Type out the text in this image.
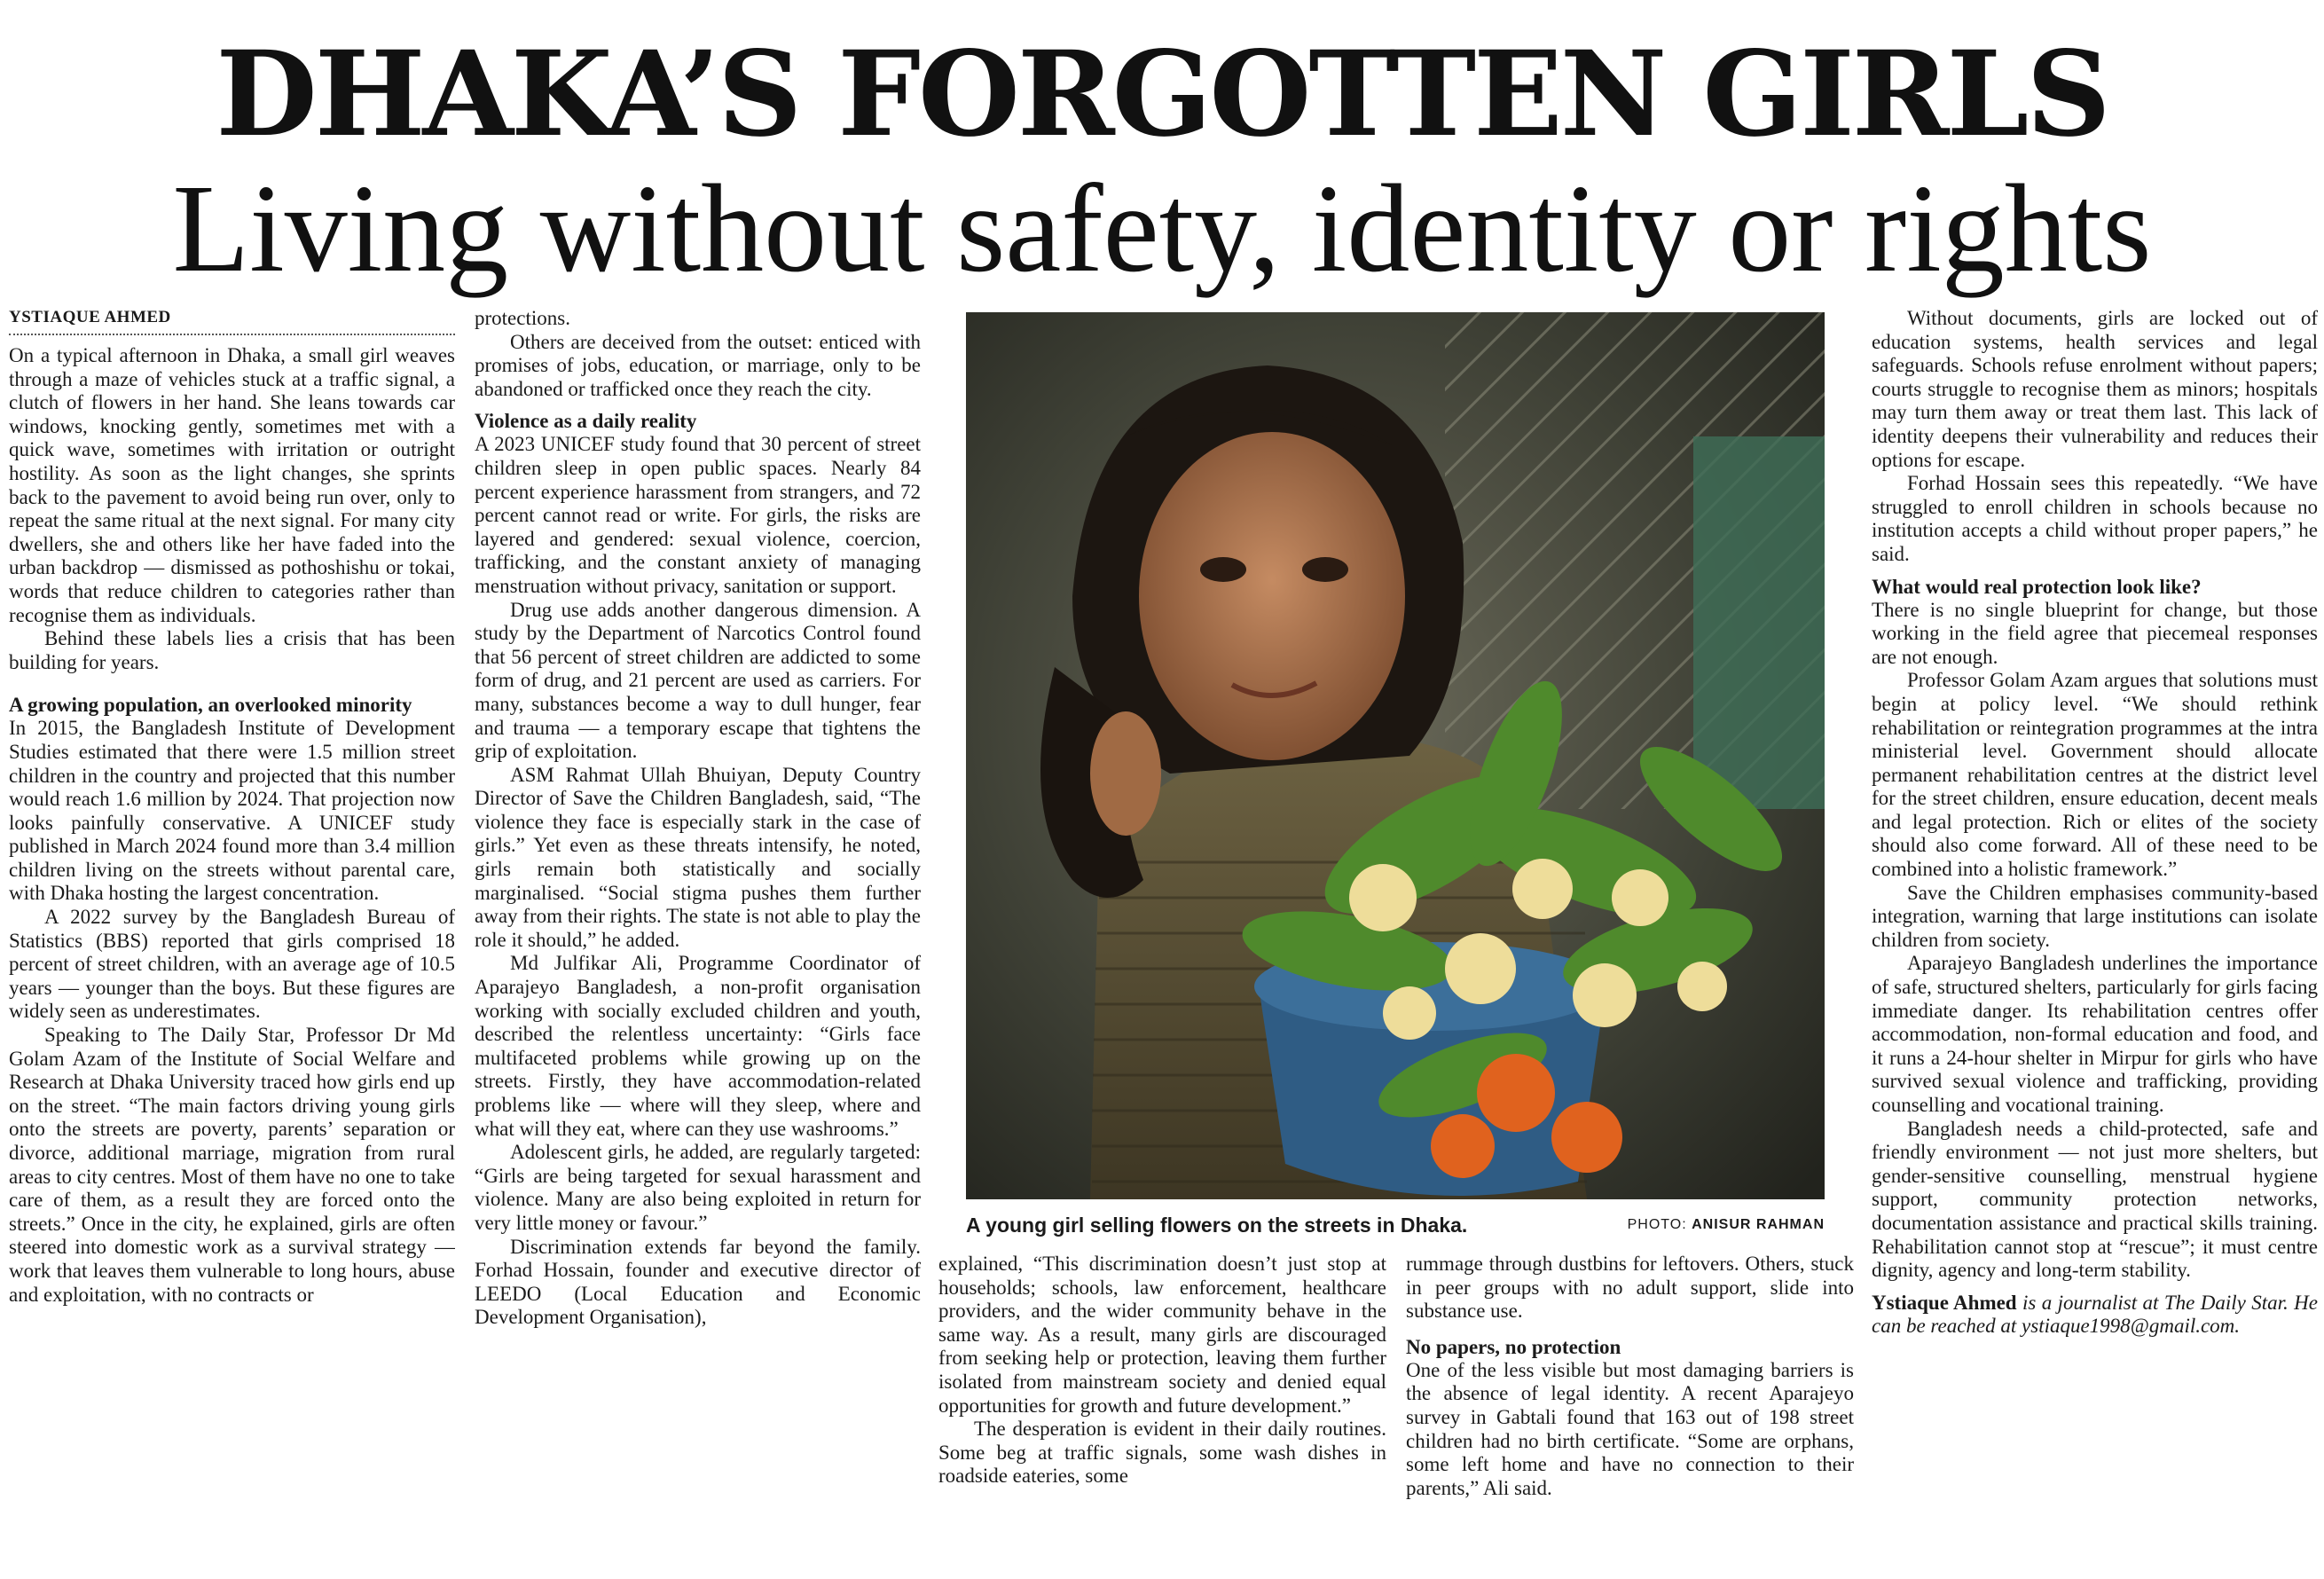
DHAKA’S FORGOTTEN GIRLS
Living without safety, identity or rights
YSTIAQUE AHMED

On a typical afternoon in Dhaka, a small girl weaves through a maze of vehicles stuck at a traffic signal, a clutch of flowers in her hand. She leans towards car windows, knocking gently, sometimes met with a quick wave, sometimes with irritation or outright hostility. As soon as the light changes, she sprints back to the pavement to avoid being run over, only to repeat the same ritual at the next signal. For many city dwellers, she and others like her have faded into the urban backdrop — dismissed as pothoshishu or tokai, words that reduce children to categories rather than recognise them as individuals.

Behind these labels lies a crisis that has been building for years.

A growing population, an overlooked minority

In 2015, the Bangladesh Institute of Development Studies estimated that there were 1.5 million street children in the country and projected that this number would reach 1.6 million by 2024. That projection now looks painfully conservative. A UNICEF study published in March 2024 found more than 3.4 million children living on the streets without parental care, with Dhaka hosting the largest concentration.

A 2022 survey by the Bangladesh Bureau of Statistics (BBS) reported that girls comprised 18 percent of street children, with an average age of 10.5 years — younger than the boys. But these figures are widely seen as underestimates.

Speaking to The Daily Star, Professor Dr Md Golam Azam of the Institute of Social Welfare and Research at Dhaka University traced how girls end up on the street. “The main factors driving young girls onto the streets are poverty, parents’ separation or divorce, additional marriage, migration from rural areas to city centres. Most of them have no one to take care of them, as a result they are forced onto the streets.” Once in the city, he explained, girls are often steered into domestic work as a survival strategy — work that leaves them vulnerable to long hours, abuse and exploitation, with no contracts or

protections.

Others are deceived from the outset: enticed with promises of jobs, education, or marriage, only to be abandoned or trafficked once they reach the city.

Violence as a daily reality

A 2023 UNICEF study found that 30 percent of street children sleep in open public spaces. Nearly 84 percent experience harassment from strangers, and 72 percent cannot read or write. For girls, the risks are layered and gendered: sexual violence, coercion, trafficking, and the constant anxiety of managing menstruation without privacy, sanitation or support.

Drug use adds another dangerous dimension. A study by the Department of Narcotics Control found that 56 percent of street children are addicted to some form of drug, and 21 percent are used as carriers. For many, substances become a way to dull hunger, fear and trauma — a temporary escape that tightens the grip of exploitation.

ASM Rahmat Ullah Bhuiyan, Deputy Country Director of Save the Children Bangladesh, said, “The violence they face is especially stark in the case of girls.” Yet even as these threats intensify, he noted, girls remain both statistically and socially marginalised. “Social stigma pushes them further away from their rights. The state is not able to play the role it should,” he added.

Md Julfikar Ali, Programme Coordinator of Aparajeyo Bangladesh, a non-profit organisation working with socially excluded children and youth, described the relentless uncertainty: “Girls face multifaceted problems while growing up on the streets. Firstly, they have accommodation-related problems like — where will they sleep, where and what will they eat, where can they use washrooms.”

Adolescent girls, he added, are regularly targeted: “Girls are being targeted for sexual harassment and violence. Many are also being exploited in return for very little money or favour.”

Discrimination extends far beyond the family. Forhad Hossain, founder and executive director of LEEDO (Local Education and Economic Development Organisation),

A young girl selling flowers on the streets in Dhaka.	PHOTO: ANISUR RAHMAN

explained, “This discrimination doesn’t just stop at households; schools, law enforcement, healthcare providers, and the wider community behave in the same way. As a result, many girls are discouraged from seeking help or protection, leaving them further isolated from mainstream society and denied equal opportunities for growth and future development.”

The desperation is evident in their daily routines. Some beg at traffic signals, some wash dishes in roadside eateries, some

rummage through dustbins for leftovers. Others, stuck in peer groups with no adult support, slide into substance use.

No papers, no protection

One of the less visible but most damaging barriers is the absence of legal identity. A recent Aparajeyo survey in Gabtali found that 163 out of 198 street children had no birth certificate. “Some are orphans, some left home and have no connection to their parents,” Ali said.

Without documents, girls are locked out of education systems, health services and legal safeguards. Schools refuse enrolment without papers; courts struggle to recognise them as minors; hospitals may turn them away or treat them last. This lack of identity deepens their vulnerability and reduces their options for escape.

Forhad Hossain sees this repeatedly. “We have struggled to enroll children in schools because no institution accepts a child without proper papers,” he said.

What would real protection look like?

There is no single blueprint for change, but those working in the field agree that piecemeal responses are not enough.

Professor Golam Azam argues that solutions must begin at policy level. “We should rethink rehabilitation or reintegration programmes at the intra ministerial level. Government should allocate permanent rehabilitation centres at the district level for the street children, ensure education, decent meals and legal protection. Rich or elites of the society should also come forward. All of these need to be combined into a holistic framework.”

Save the Children emphasises community-based integration, warning that large institutions can isolate children from society.

Aparajeyo Bangladesh underlines the importance of safe, structured shelters, particularly for girls facing immediate danger. Its rehabilitation centres offer accommodation, non-formal education and food, and it runs a 24-hour shelter in Mirpur for girls who have survived sexual violence and trafficking, providing counselling and vocational training.

Bangladesh needs a child-protected, safe and friendly environment — not just more shelters, but gender-sensitive counselling, menstrual hygiene support, community protection networks, documentation assistance and practical skills training. Rehabilitation cannot stop at “rescue”; it must centre dignity, agency and long-term stability.

Ystiaque Ahmed is a journalist at The Daily Star. He can be reached at ystiaque1998@gmail.com.
